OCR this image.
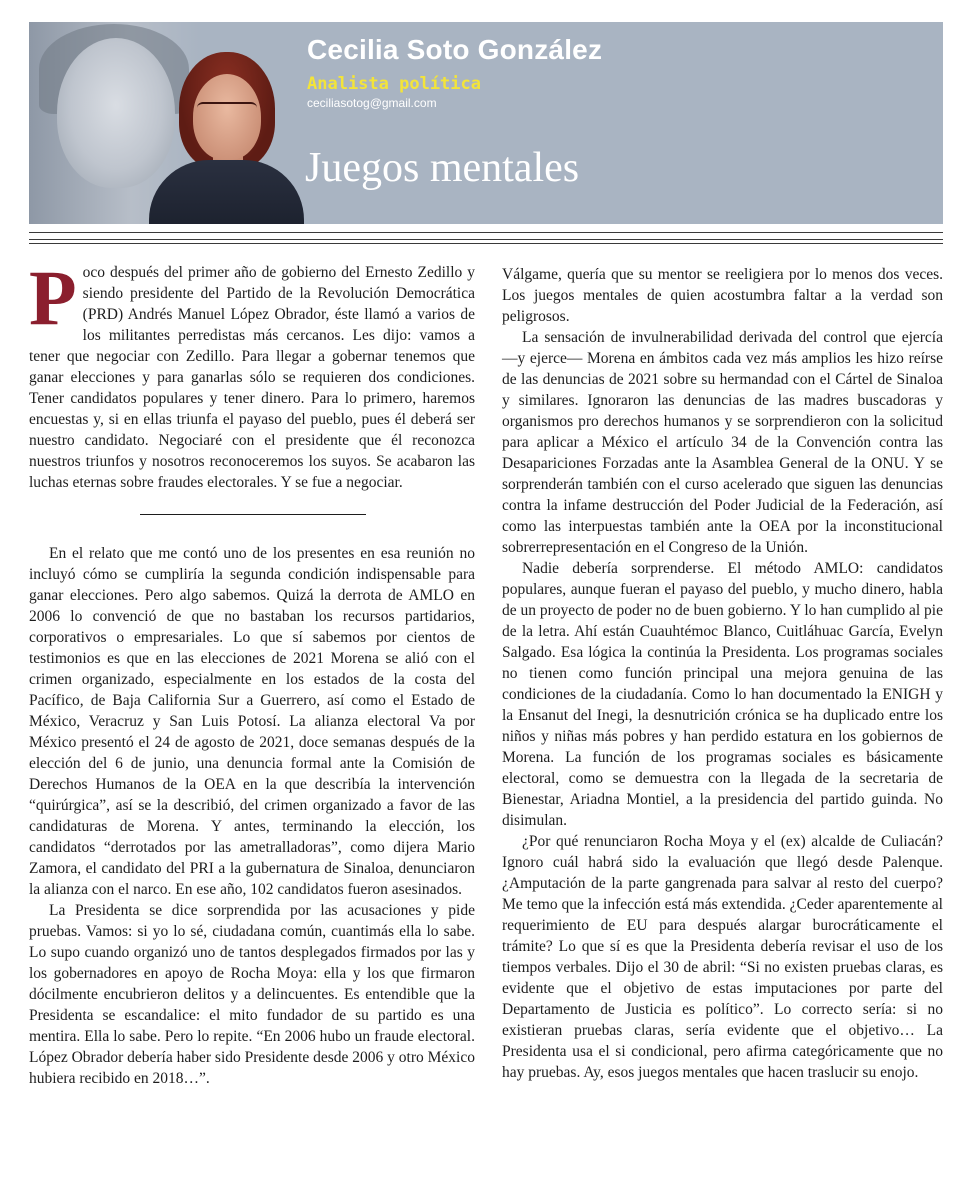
Cecilia Soto González
Analista política
ceciliasotog@gmail.com
Juegos mentales

Poco después del primer año de gobierno del Ernesto Zedillo y siendo presidente del Partido de la Revolución Democrática (PRD) Andrés Manuel López Obrador, éste llamó a varios de los militantes perredistas más cercanos. Les dijo: vamos a tener que negociar con Zedillo. Para llegar a gobernar tenemos que ganar elecciones y para ganarlas sólo se requieren dos condiciones. Tener candidatos populares y tener dinero. Para lo primero, haremos encuestas y, si en ellas triunfa el payaso del pueblo, pues él deberá ser nuestro candidato. Negociaré con el presidente que él reconozca nuestros triunfos y nosotros reconoceremos los suyos. Se acabaron las luchas eternas sobre fraudes electorales. Y se fue a negociar.

En el relato que me contó uno de los presentes en esa reunión no incluyó cómo se cumpliría la segunda condición indispensable para ganar elecciones. Pero algo sabemos. Quizá la derrota de AMLO en 2006 lo convenció de que no bastaban los recursos partidarios, corporativos o empresariales. Lo que sí sabemos por cientos de testimonios es que en las elecciones de 2021 Morena se alió con el crimen organizado, especialmente en los estados de la costa del Pacífico, de Baja California Sur a Guerrero, así como el Estado de México, Veracruz y San Luis Potosí. La alianza electoral Va por México presentó el 24 de agosto de 2021, doce semanas después de la elección del 6 de junio, una denuncia formal ante la Comisión de Derechos Humanos de la OEA en la que describía la intervención “quirúrgica”, así se la describió, del crimen organizado a favor de las candidaturas de Morena. Y antes, terminando la elección, los candidatos “derrotados por las ametralladoras”, como dijera Mario Zamora, el candidato del PRI a la gubernatura de Sinaloa, denunciaron la alianza con el narco. En ese año, 102 candidatos fueron asesinados.

La Presidenta se dice sorprendida por las acusaciones y pide pruebas. Vamos: si yo lo sé, ciudadana común, cuantimás ella lo sabe. Lo supo cuando organizó uno de tantos desplegados firmados por las y los gobernadores en apoyo de Rocha Moya: ella y los que firmaron dócilmente encubrieron delitos y a delincuentes. Es entendible que la Presidenta se escandalice: el mito fundador de su partido es una mentira. Ella lo sabe. Pero lo repite. “En 2006 hubo un fraude electoral. López Obrador debería haber sido Presidente desde 2006 y otro México hubiera recibido en 2018…”.

Válgame, quería que su mentor se reeligiera por lo menos dos veces. Los juegos mentales de quien acostumbra faltar a la verdad son peligrosos.

La sensación de invulnerabilidad derivada del control que ejercía —y ejerce— Morena en ámbitos cada vez más amplios les hizo reírse de las denuncias de 2021 sobre su hermandad con el Cártel de Sinaloa y similares. Ignoraron las denuncias de las madres buscadoras y organismos pro derechos humanos y se sorprendieron con la solicitud para aplicar a México el artículo 34 de la Convención contra las Desapariciones Forzadas ante la Asamblea General de la ONU. Y se sorprenderán también con el curso acelerado que siguen las denuncias contra la infame destrucción del Poder Judicial de la Federación, así como las interpuestas también ante la OEA por la inconstitucional sobrerrepresentación en el Congreso de la Unión.

Nadie debería sorprenderse. El método AMLO: candidatos populares, aunque fueran el payaso del pueblo, y mucho dinero, habla de un proyecto de poder no de buen gobierno. Y lo han cumplido al pie de la letra. Ahí están Cuauhtémoc Blanco, Cuitláhuac García, Evelyn Salgado. Esa lógica la continúa la Presidenta. Los programas sociales no tienen como función principal una mejora genuina de las condiciones de la ciudadanía. Como lo han documentado la ENIGH y la Ensanut del Inegi, la desnutrición crónica se ha duplicado entre los niños y niñas más pobres y han perdido estatura en los gobiernos de Morena. La función de los programas sociales es básicamente electoral, como se demuestra con la llegada de la secretaria de Bienestar, Ariadna Montiel, a la presidencia del partido guinda. No disimulan.

¿Por qué renunciaron Rocha Moya y el (ex) alcalde de Culiacán? Ignoro cuál habrá sido la evaluación que llegó desde Palenque. ¿Amputación de la parte gangrenada para salvar al resto del cuerpo? Me temo que la infección está más extendida. ¿Ceder aparentemente al requerimiento de EU para después alargar burocráticamente el trámite? Lo que sí es que la Presidenta debería revisar el uso de los tiempos verbales. Dijo el 30 de abril: “Si no existen pruebas claras, es evidente que el objetivo de estas imputaciones por parte del Departamento de Justicia es político”. Lo correcto sería: si no existieran pruebas claras, sería evidente que el objetivo… La Presidenta usa el si condicional, pero afirma categóricamente que no hay pruebas. Ay, esos juegos mentales que hacen traslucir su enojo.
